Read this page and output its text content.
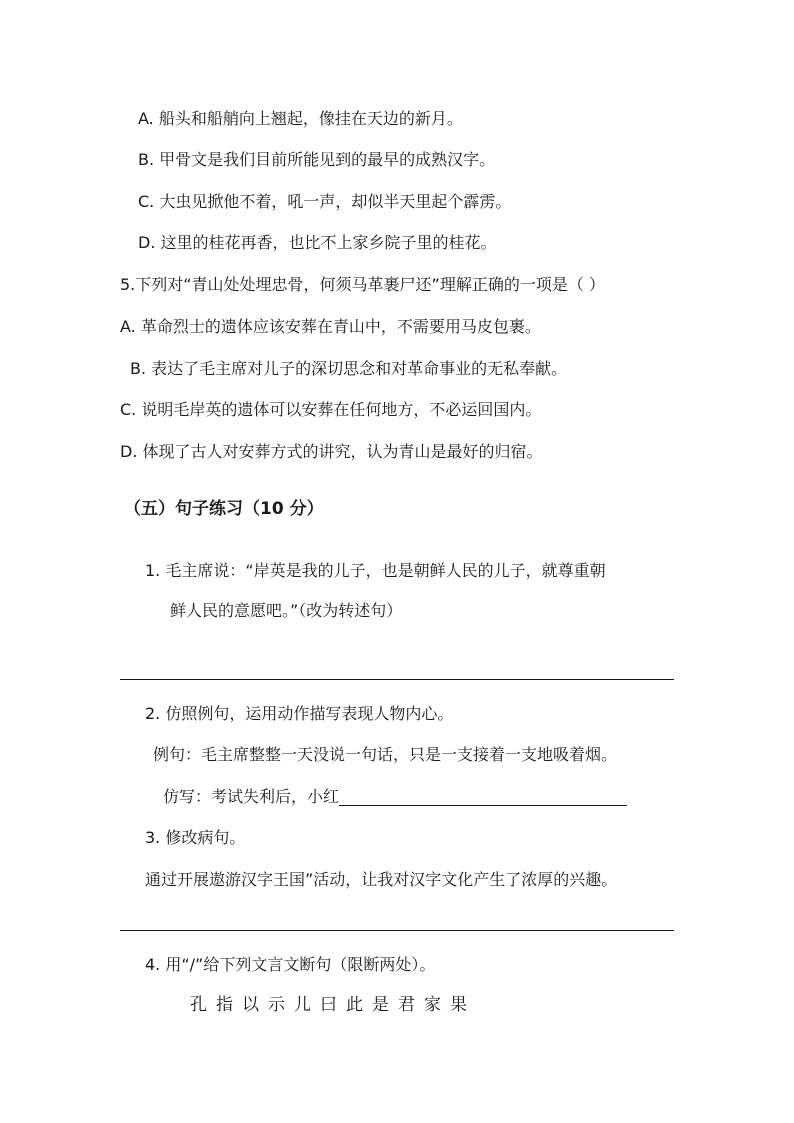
A. 船头和船艄向上翘起，像挂在天边的新月。
B. 甲骨文是我们目前所能见到的最早的成熟汉字。
C. 大虫见掀他不着，吼一声，却似半天里起个霹雳。
D. 这里的桂花再香，也比不上家乡院子里的桂花。
5.下列对“青山处处埋忠骨，何须马革裹尸还”理解正确的一项是（ ）
A. 革命烈士的遗体应该安葬在青山中，不需要用马皮包裹。
B. 表达了毛主席对儿子的深切思念和对革命事业的无私奉献。
C. 说明毛岸英的遗体可以安葬在任何地方，不必运回国内。
D. 体现了古人对安葬方式的讲究，认为青山是最好的归宿。
（五）句子练习（10 分）
1. 毛主席说：“岸英是我的儿子，也是朝鲜人民的儿子，就尊重朝
鲜人民的意愿吧。”（改为转述句）
2. 仿照例句，运用动作描写表现人物内心。
例句：毛主席整整一天没说一句话，只是一支接着一支地吸着烟。
仿写：考试失利后，小红
3. 修改病句。
通过开展遨游汉字王国”活动，让我对汉字文化产生了浓厚的兴趣。
4. 用“/”给下列文言文断句（限断两处）。
孔指以示儿曰此是君家果
